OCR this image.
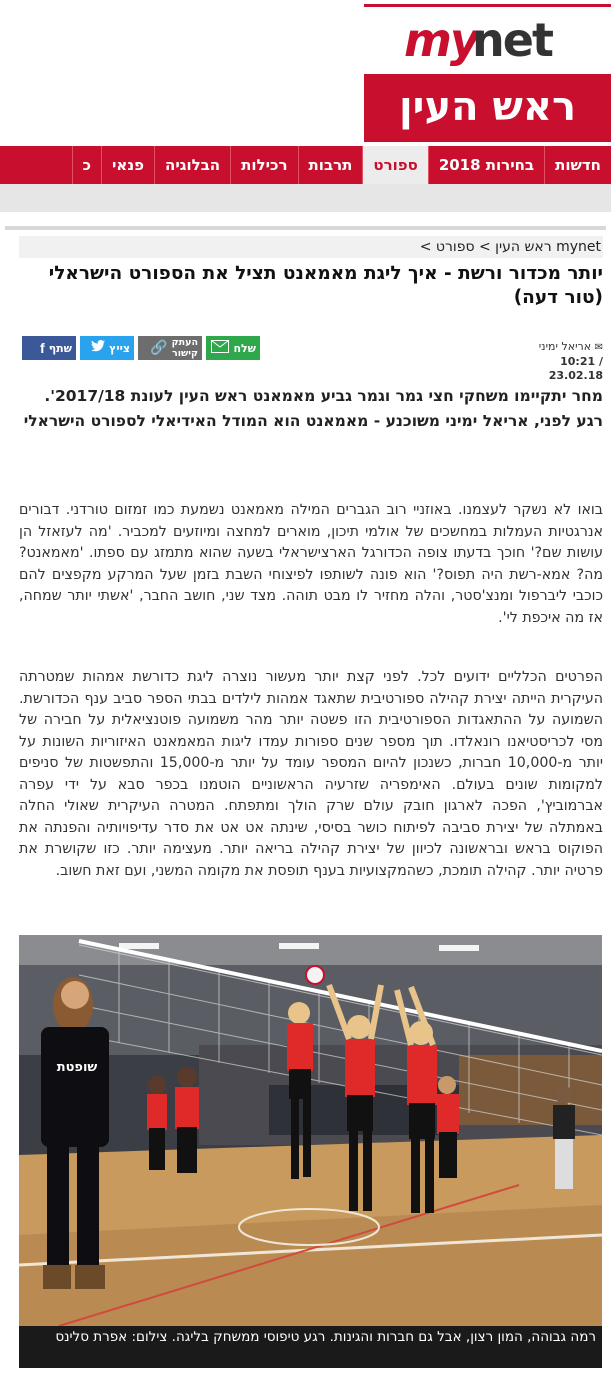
my
net
ראש העין
חדשות
בחירות 2018
ספורט
תרבות
רכילות
הבלוגיה
פנאי
כ
mynet ראש העין > ספורט >
יותר מכדור ורשת - איך ליגת מאמאנט תציל את הספורט הישראלי (טור דעה)
✉ אריאל ימיני
10:21 / 23.02.18
שתף
f	צייץ	העתק
קישור
🔗	שלח

מחר יתקיימו משחקי חצי גמר וגמר גביע מאמאנט ראש העין לעונת 2017/18'. רגע לפני, אריאל ימיני משוכנע - מאמאנט הוא המודל האידיאלי לספורט הישראלי

בואו לא נשקר לעצמנו. באוזניי רוב הגברים המילה מאמאנט נשמעת כמו זמזום טורדני. דבורים אנרגטיות העמלות במחשכים של אולמי תיכון, מוארים למחצה ומיוזעים למכביר. 'מה לעזאזל הן עושות שם?' חוכך בדעתו צופה הכדורגל הארצישראלי בשעה שהוא מתמזג עם ספתו. 'מאמאנט? מה? אמא-רשת היה תפוס?' הוא פונה לשותפו לפיצוחי השבת בזמן שעל המרקע מקפצים להם כוכבי ליברפול ומנצ'סטר, והלה מחזיר לו מבט תוהה. מצד שני, חושב החבר, 'אשתי יותר שמחה, אז מה איכפת לי'.

הפרטים הכלליים ידועים לכל. לפני קצת יותר מעשור נוצרה ליגת כדורשת אמהות שמטרתה העיקרית הייתה יצירת קהילה ספורטיבית שתאגד אמהות לילדים בבתי הספר סביב ענף הכדורשת. השמועה על ההתאגדות הספורטיבית הזו פשטה יותר מהר משמועה פוטנציאלית על חבירה של מסי לכריסטיאנו רונאלדו. תוך מספר שנים ספורות עמדו ליגות המאמאנט האיזוריות השונות על יותר מ-10,000 חברות, כשנכון להיום המספר עומד על יותר מ-15,000 והתפשטות של סניפים למקומות שונים בעולם. האימפריה שזרעיה הראשוניים הוטמנו בכפר סבא על ידי עפרה אברמוביץ', הפכה לארגון חובק עולם שרק הולך ומתפתח. המטרה העיקרית שאולי החלה באמתלה של יצירת סביבה לפיתוח כושר בסיסי, שינתה אט אט את סדר עדיפויותיה והפנתה את הפוקוס בראש ובראשונה לכיוון של יצירת קהילה בריאה יותר. מעצימה יותר. כזו שקושרת את פרטיה יותר. קהילה תומכת, כשהמקצועיות בענף תופסת את מקומה המשני, ועם זאת חשוב.

שופטת
רמה גבוהה, המון רצון, אבל גם חברות והגינות. רגע טיפוסי ממשחק בליגה. צילום: אפרת סלינס
